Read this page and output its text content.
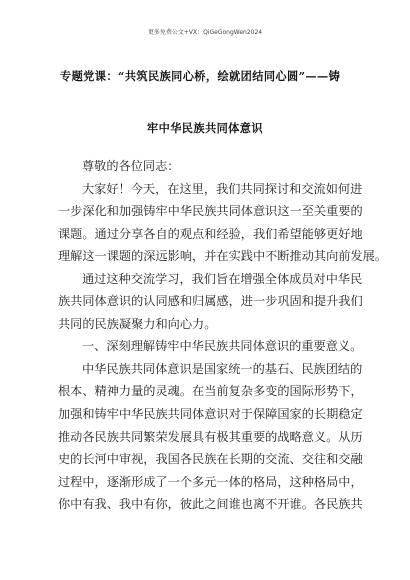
更多免费公文+VX：QiGeGongWen2024
专题党课：“共筑民族同心桥，绘就团结同心圆”——铸
牢中华民族共同体意识
尊敬的各位同志：
大家好！今天，在这里，我们共同探讨和交流如何进
一步深化和加强铸牢中华民族共同体意识这一至关重要的
课题。通过分享各自的观点和经验，我们希望能够更好地
理解这一课题的深远影响，并在实践中不断推动其向前发展。
通过这种交流学习，我们旨在增强全体成员对中华民
族共同体意识的认同感和归属感，进一步巩固和提升我们
共同的民族凝聚力和向心力。
一、深刻理解铸牢中华民族共同体意识的重要意义。
中华民族共同体意识是国家统一的基石、民族团结的
根本、精神力量的灵魂。在当前复杂多变的国际形势下，
加强和铸牢中华民族共同体意识对于保障国家的长期稳定
推动各民族共同繁荣发展具有极其重要的战略意义。从历
史的长河中审视，我国各民族在长期的交流、交往和交融
过程中，逐渐形成了一个多元一体的格局，这种格局中，
你中有我、我中有你，彼此之间谁也离不开谁。各民族共
